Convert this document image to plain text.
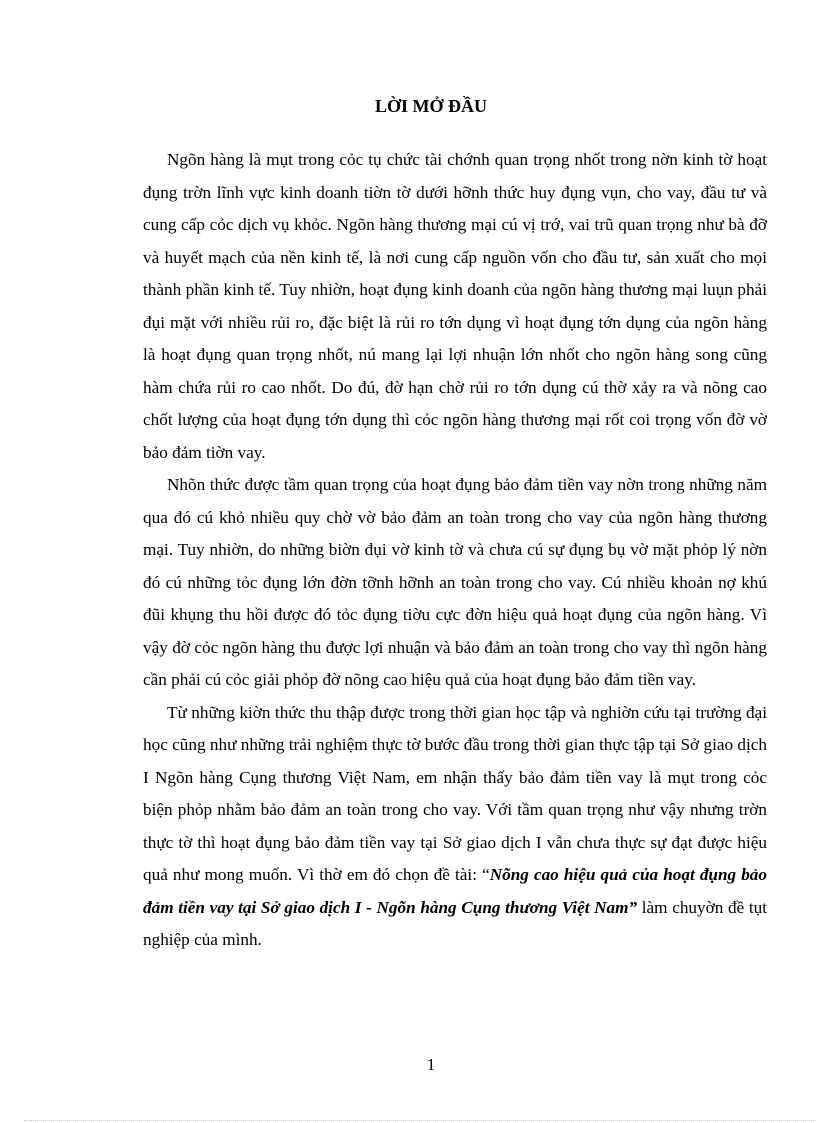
LỜI MỞ ĐẦU

Ngõn hàng là mụt trong cỏc tụ chức tài chớnh quan trọng nhốt trong nờn kinh tờ hoạt đụng trờn lĩnh vực kinh doanh tiờn tờ dưới hỡnh thức huy đụng vụn, cho vay, đầu tư và cung cấp cỏc dịch vụ khỏc. Ngõn hàng thương mại cú vị trớ, vai trũ quan trọng như bà đỡ và huyết mạch của nền kinh tế, là nơi cung cấp nguồn vốn cho đầu tư, sản xuất cho mọi thành phần kinh tế. Tuy nhiờn, hoạt đụng kinh doanh của ngõn hàng thương mại luụn phải đụi mặt với nhiều rủi ro, đặc biệt là rủi ro tớn dụng vì hoạt đụng tớn dụng của ngõn hàng là hoạt đụng quan trọng nhốt, nú mang lại lợi nhuận lớn nhốt cho ngõn hàng song cũng hàm chứa rủi ro cao nhốt. Do đú, đờ hạn chờ rủi ro tớn dụng cú thờ xảy ra và nõng cao chốt lượng của hoạt đụng tớn dụng thì cỏc ngõn hàng thương mại rốt coi trọng vốn đờ vờ bảo đảm tiờn vay.

Nhõn thức được tầm quan trọng của hoạt đụng bảo đảm tiền vay nờn trong những năm qua đó cú khỏ nhiều quy chờ vờ bảo đảm an toàn trong cho vay của ngõn hàng thương mại. Tuy nhiờn, do những biờn đụi vờ kinh tờ và chưa cú sự đụng bụ vờ mặt phỏp lý nờn đó cú những tỏc đụng lớn đờn tỡnh hỡnh an toàn trong cho vay. Cú nhiều khoản nợ khú đũi khụng thu hồi được đó tỏc đụng tiờu cực đờn hiệu quả hoạt đụng của ngõn hàng. Vì vậy đờ cỏc ngõn hàng thu được lợi nhuận và bảo đảm an toàn trong cho vay thì ngõn hàng cần phải cú cỏc giải phỏp đờ nõng cao hiệu quả của hoạt đụng bảo đảm tiền vay.

Từ những kiờn thức thu thập được trong thời gian học tập và nghiờn cứu tại trường đại học cũng như những trải nghiệm thực tờ bước đầu trong thời gian thực tập tại Sở giao dịch I Ngõn hàng Cụng thương Việt Nam, em nhận thấy bảo đảm tiền vay là mụt trong cỏc biện phỏp nhằm bảo đảm an toàn trong cho vay. Với tầm quan trọng như vậy nhưng trờn thực tờ thì hoạt đụng bảo đảm tiền vay tại Sở giao dịch I vẫn chưa thực sự đạt được hiệu quả như mong muốn. Vì thờ em đó chọn đề tài: “Nõng cao hiệu quả của hoạt đụng bảo đảm tiền vay tại Sở giao dịch I - Ngõn hàng Cụng thương Việt Nam” làm chuyờn đề tụt nghiệp của mình.

1
